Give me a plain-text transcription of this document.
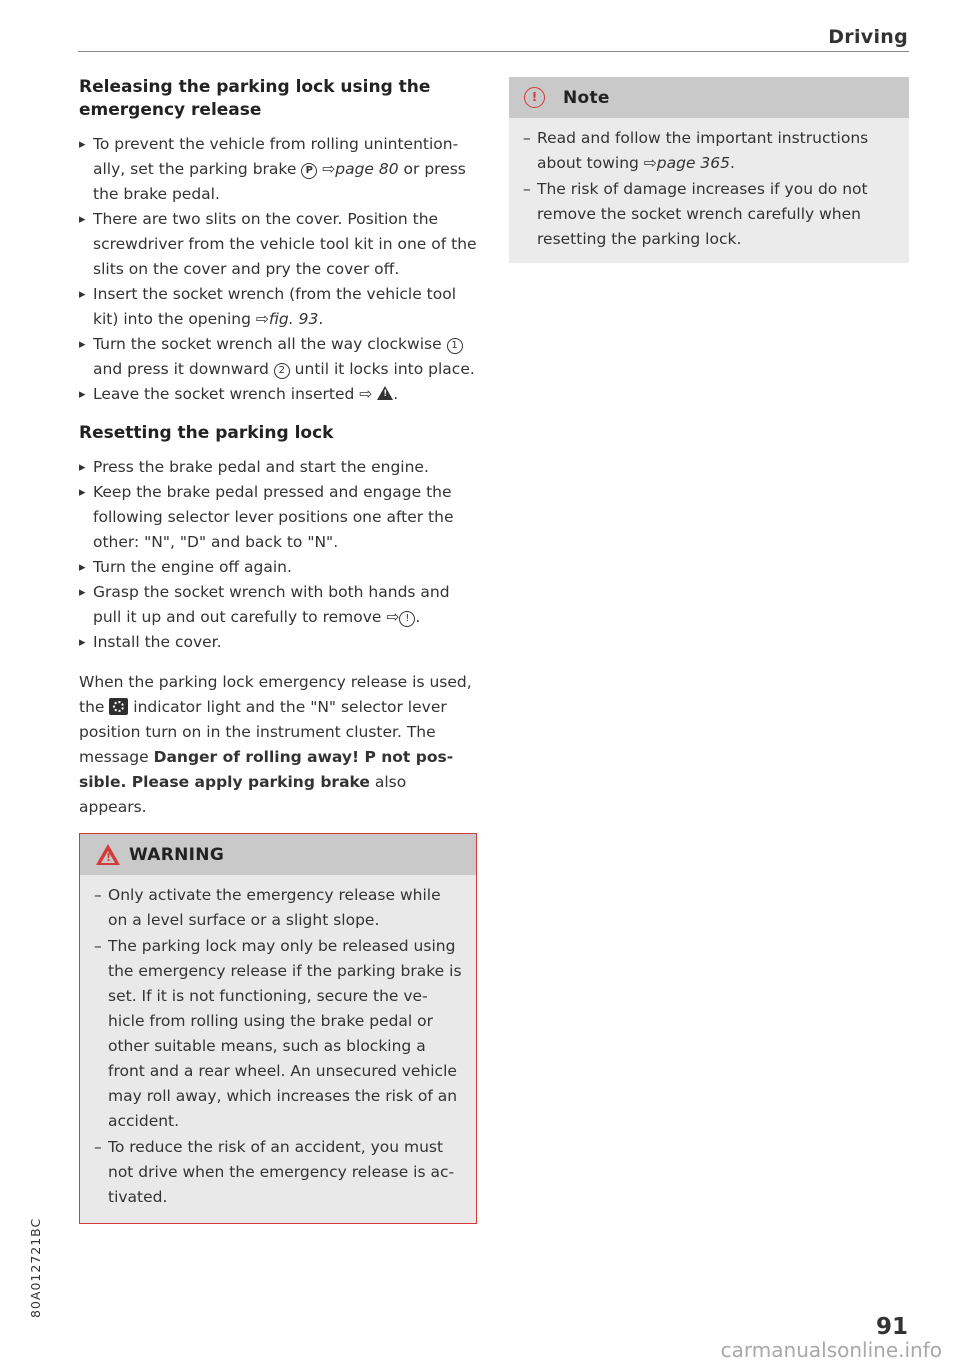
Driving
Releasing the parking lock using the emergency release
▸ To prevent the vehicle from rolling unintention-ally, set the parking brake P ⇨page 80 or press the brake pedal.
▸ There are two slits on the cover. Position the screwdriver from the vehicle tool kit in one of the slits on the cover and pry the cover off.
▸ Insert the socket wrench (from the vehicle tool kit) into the opening ⇨fig. 93.
▸ Turn the socket wrench all the way clockwise 1 and press it downward 2 until it locks into place.
▸ Leave the socket wrench inserted ⇨ ! .
Resetting the parking lock
▸ Press the brake pedal and start the engine.
▸ Keep the brake pedal pressed and engage the following selector lever positions one after the other: "N", "D" and back to "N".
▸ Turn the engine off again.
▸ Grasp the socket wrench with both hands and pull it up and out carefully to remove ⇨ ! .
▸ Install the cover.

When the parking lock emergency release is used, the
indicator light and the "N" selector lever position turn on in the instrument cluster. The message Danger of rolling away! P not pos-sible. Please apply parking brake also appears.

! WARNING
– Only activate the emergency release while on a level surface or a slight slope.
– The parking lock may only be released using the emergency release if the parking brake is set. If it is not functioning, secure the ve-hicle from rolling using the brake pedal or other suitable means, such as blocking a front and a rear wheel. An unsecured vehicle may roll away, which increases the risk of an accident.
– To reduce the risk of an accident, you must not drive when the emergency release is ac-tivated.
!	Note
– Read and follow the important instructions about towing ⇨page 365.
– The risk of damage increases if you do not remove the socket wrench carefully when resetting the parking lock.
80A012721BC
91
carmanualsonline.info
